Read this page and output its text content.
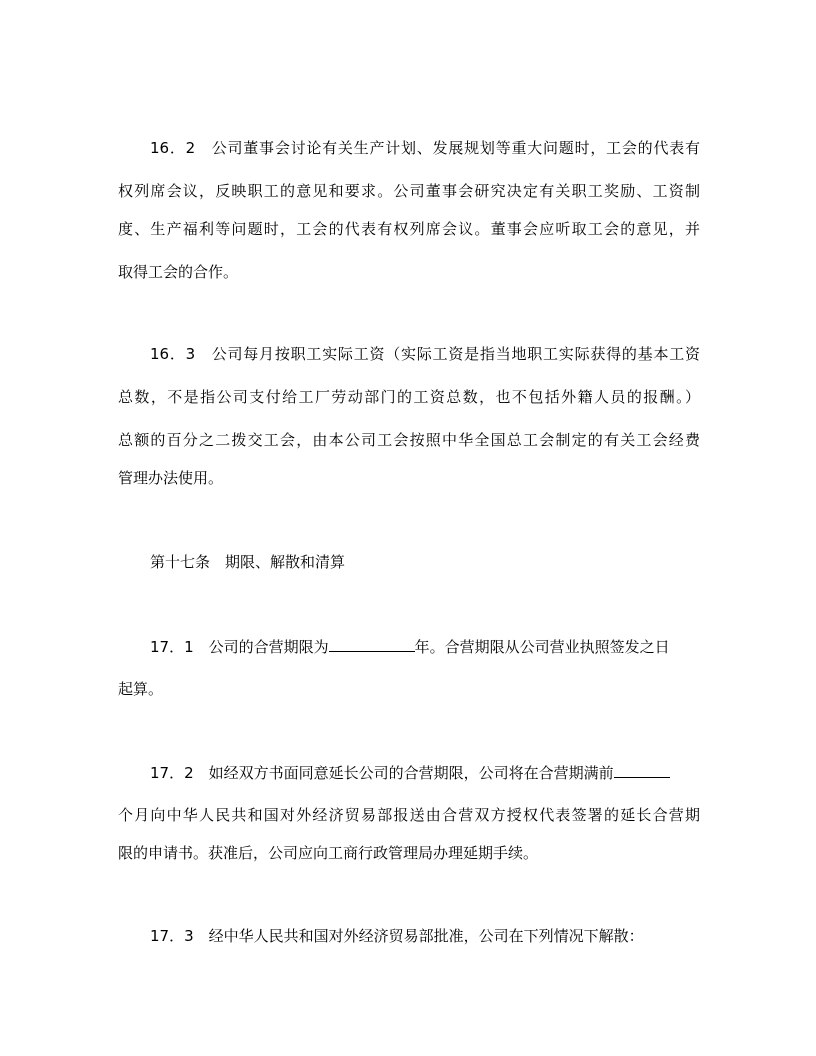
16．2　公司董事会讨论有关生产计划、发展规划等重大问题时，工会的代表有
权列席会议，反映职工的意见和要求。公司董事会研究决定有关职工奖励、工资制
度、生产福利等问题时，工会的代表有权列席会议。董事会应听取工会的意见，并
取得工会的合作。
16．3　公司每月按职工实际工资（实际工资是指当地职工实际获得的基本工资
总数，不是指公司支付给工厂劳动部门的工资总数，也不包括外籍人员的报酬。）
总额的百分之二拨交工会，由本公司工会按照中华全国总工会制定的有关工会经费
管理办法使用。
第十七条　期限、解散和清算
17．1　公司的合营期限为	年。合营期限从公司营业执照签发之日
起算。
17．2　如经双方书面同意延长公司的合营期限，公司将在合营期满前
个月向中华人民共和国对外经济贸易部报送由合营双方授权代表签署的延长合营期
限的申请书。获准后，公司应向工商行政管理局办理延期手续。
17．3　经中华人民共和国对外经济贸易部批准，公司在下列情况下解散：
